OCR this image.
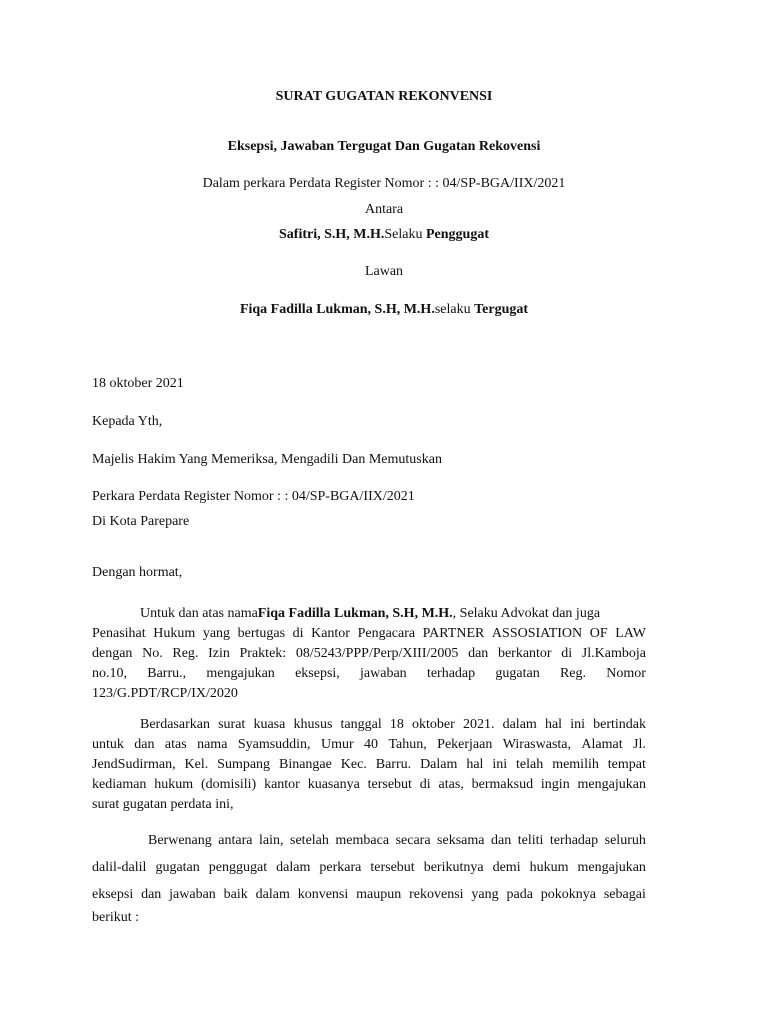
SURAT GUGATAN REKONVENSI
Eksepsi, Jawaban Tergugat Dan Gugatan Rekovensi
Dalam perkara Perdata Register Nomor : : 04/SP-BGA/IIX/2021
Antara
Safitri, S.H, M.H.Selaku Penggugat
Lawan
Fiqa Fadilla Lukman, S.H, M.H.selaku Tergugat
18 oktober 2021
Kepada Yth,
Majelis Hakim Yang Memeriksa, Mengadili Dan Memutuskan
Perkara Perdata Register Nomor : : 04/SP-BGA/IIX/2021
Di Kota Parepare
Dengan hormat,
Untuk dan atas namaFiqa Fadilla Lukman, S.H, M.H., Selaku Advokat dan juga
Penasihat Hukum yang bertugas di Kantor Pengacara PARTNER ASSOSIATION OF LAW
dengan No. Reg. Izin Praktek: 08/5243/PPP/Perp/XIII/2005 dan berkantor di Jl.Kamboja
no.10, Barru., mengajukan eksepsi, jawaban terhadap gugatan Reg. Nomor
123/G.PDT/RCP/IX/2020
Berdasarkan surat kuasa khusus tanggal 18 oktober 2021. dalam hal ini bertindak
untuk dan atas nama Syamsuddin, Umur 40 Tahun, Pekerjaan Wiraswasta, Alamat Jl.
JendSudirman, Kel. Sumpang Binangae Kec. Barru. Dalam hal ini telah memilih tempat
kediaman hukum (domisili) kantor kuasanya tersebut di atas, bermaksud ingin mengajukan
surat gugatan perdata ini,
Berwenang antara lain, setelah membaca secara seksama dan teliti terhadap seluruh
dalil-dalil gugatan penggugat dalam perkara tersebut berikutnya demi hukum mengajukan
eksepsi dan jawaban baik dalam konvensi maupun rekovensi yang pada pokoknya sebagai
berikut :
